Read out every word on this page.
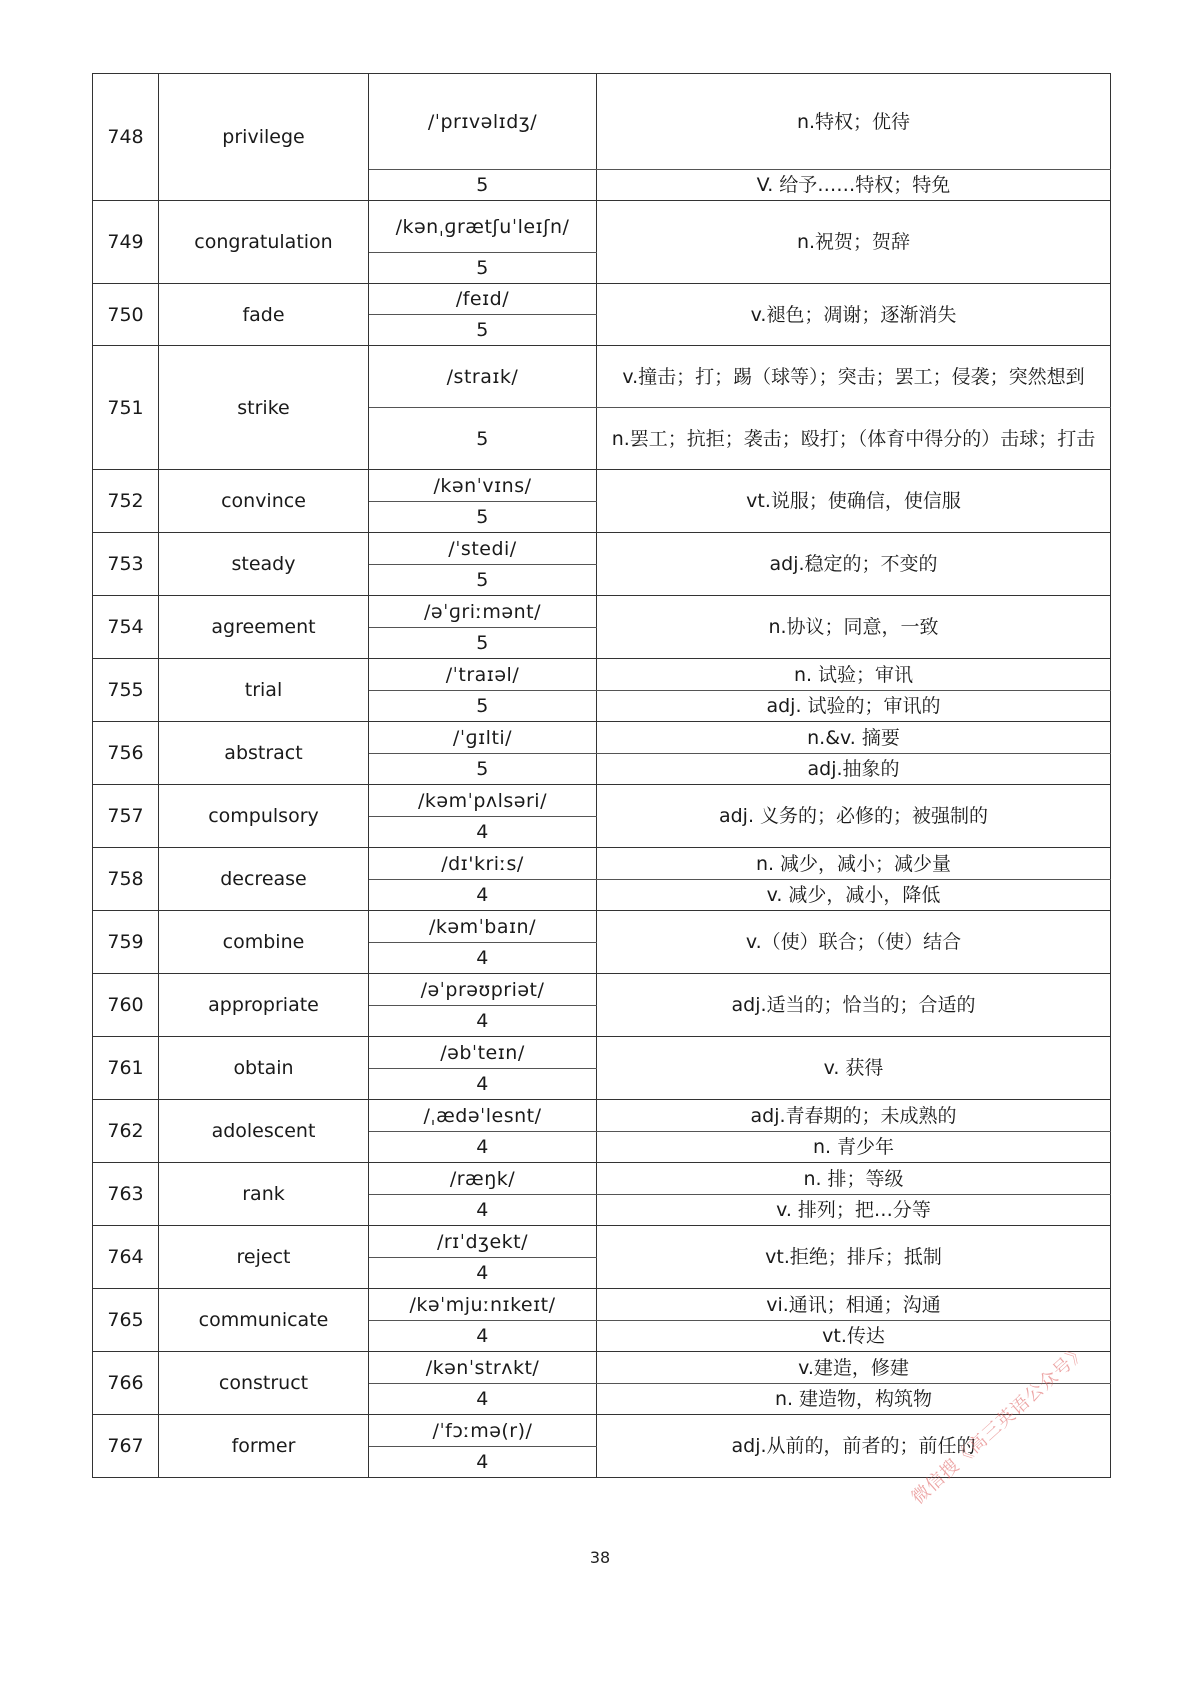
748	privilege	/ˈprɪvəlɪdʒ/	n.特权；优待
		5	V. 给予……特权；特免
749	congratulation	/kənˌɡrætʃuˈleɪʃn/	n.祝贺；贺辞
		5	
750	fade	/feɪd/	v.褪色；凋谢；逐渐消失
		5	
751	strike	/straɪk/	v.撞击；打；踢（球等）；突击；罢工；侵袭；突然想到
		5	n.罢工；抗拒；袭击；殴打；（体育中得分的）击球；打击
752	convince	/kənˈvɪns/	vt.说服；使确信，使信服
		5	
753	steady	/ˈstedi/	adj.稳定的；不变的
		5	
754	agreement	/əˈɡriːmənt/	n.协议；同意，一致
		5	
755	trial	/ˈtraɪəl/	n. 试验；审讯
		5	adj. 试验的；审讯的
756	abstract	/ˈɡɪlti/	n.&v. 摘要
		5	adj.抽象的
757	compulsory	/kəmˈpʌlsəri/	adj. 义务的；必修的；被强制的
		4	
758	decrease	/dɪ'kriːs/	n. 减少，减小；减少量
		4	v. 减少，减小，降低
759	combine	/kəmˈbaɪn/	v.（使）联合；（使）结合
		4	
760	appropriate	/əˈprəʊpriət/	adj.适当的；恰当的；合适的
		4	
761	obtain	/əbˈteɪn/	v. 获得
		4	
762	adolescent	/ˌædəˈlesnt/	adj.青春期的；未成熟的
		4	n. 青少年
763	rank	/ræŋk/	n. 排；等级
		4	v. 排列；把…分等
764	reject	/rɪˈdʒekt/	vt.拒绝；排斥；抵制
		4	
765	communicate	/kəˈmjuːnɪkeɪt/	vi.通讯；相通；沟通
		4	vt.传达
766	construct	/kənˈstrʌkt/	v.建造，修建
		4	n. 建造物，构筑物
767	former	/ˈfɔːmə(r)/	adj.从前的，前者的；前任的
		4	
38
微信搜《高三英语公众号》
